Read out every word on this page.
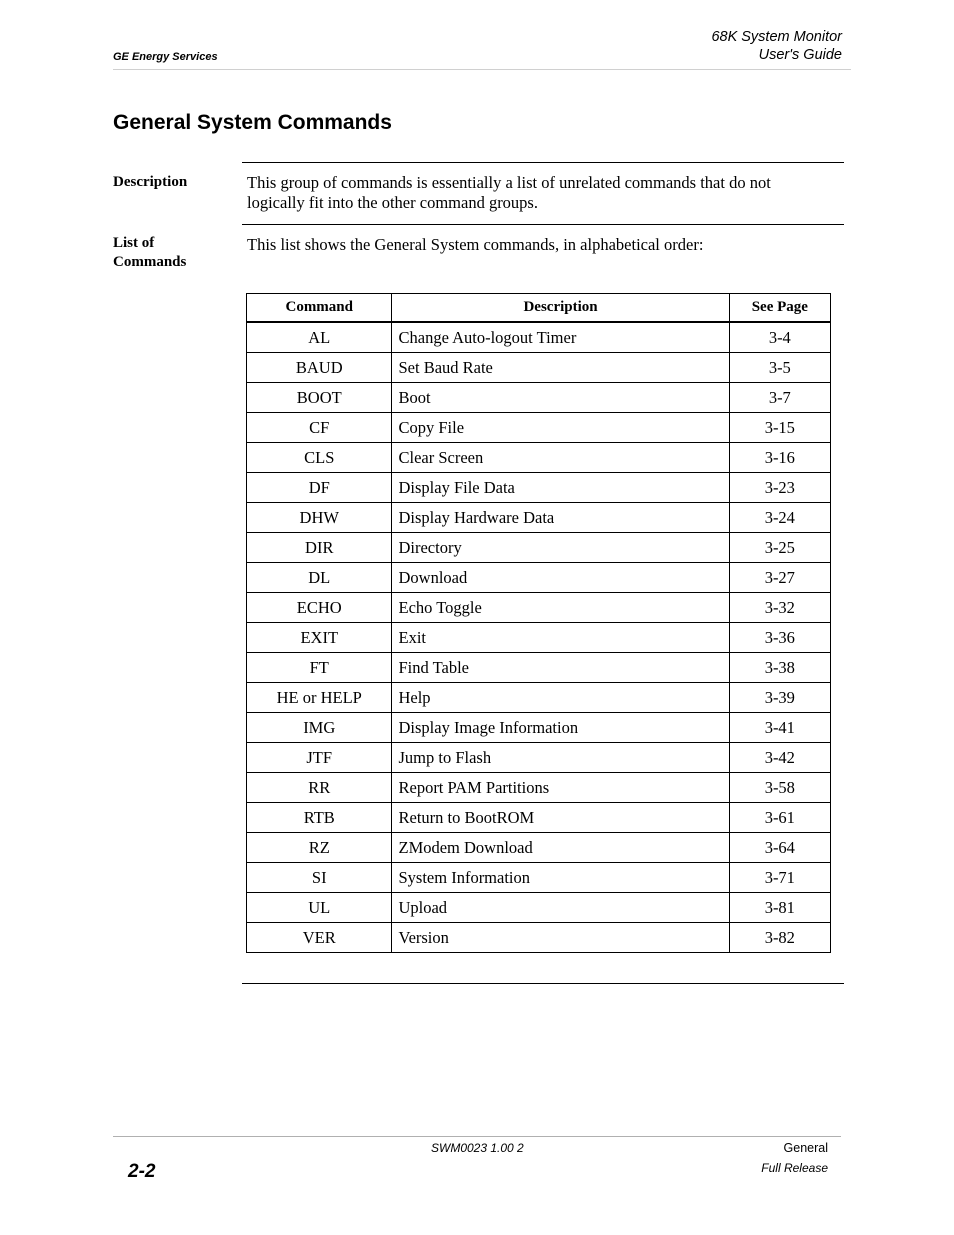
GE Energy Services
68K System Monitor
User's Guide
General System Commands
Description	This group of commands is essentially a list of unrelated commands that do not
logically fit into the other command groups.
List of
Commands
This list shows the General System commands, in alphabetical order:
Command	Description	See Page
AL	Change Auto-logout Timer	3-4
BAUD	Set Baud Rate	3-5
BOOT	Boot	3-7
CF	Copy File	3-15
CLS	Clear Screen	3-16
DF	Display File Data	3-23
DHW	Display Hardware Data	3-24
DIR	Directory	3-25
DL	Download	3-27
ECHO	Echo Toggle	3-32
EXIT	Exit	3-36
FT	Find Table	3-38
HE or HELP	Help	3-39
IMG	Display Image Information	3-41
JTF	Jump to Flash	3-42
RR	Report PAM Partitions	3-58
RTB	Return to BootROM	3-61
RZ	ZModem Download	3-64
SI	System Information	3-71
UL	Upload	3-81
VER	Version	3-82
SWM0023 1.00 2	General
Full Release
2-2
